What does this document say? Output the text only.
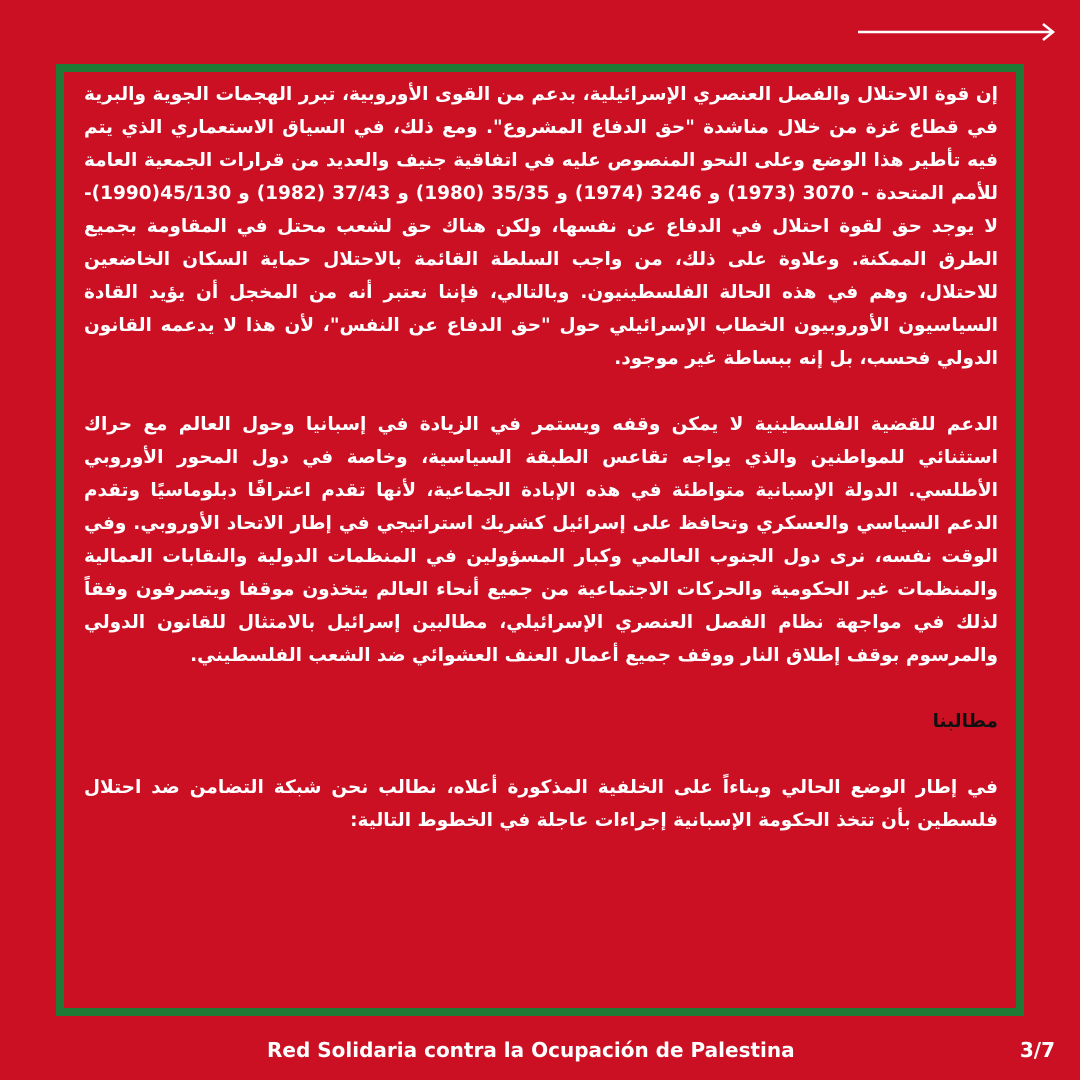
إن قوة الاحتلال والفصل العنصري الإسرائيلية، بدعم من القوى الأوروبية، تبرر الهجمات الجوية والبرية في قطاع غزة من خلال مناشدة "حق الدفاع المشروع". ومع ذلك، في السياق الاستعماري الذي يتم فيه تأطير هذا الوضع وعلى النحو المنصوص عليه في اتفاقية جنيف والعديد من قرارات الجمعية العامة للأمم المتحدة - 3070 (1973) و 3246 (1974) و 35/35 (1980) و 37/43 (1982) و 45/130(1990)- لا يوجد حق لقوة احتلال في الدفاع عن نفسها، ولكن هناك حق لشعب محتل في المقاومة بجميع الطرق الممكنة. وعلاوة على ذلك، من واجب السلطة القائمة بالاحتلال حماية السكان الخاضعين للاحتلال، وهم في هذه الحالة الفلسطينيون. وبالتالي، فإننا نعتبر أنه من المخجل أن يؤيد القادة السياسيون الأوروبيون الخطاب الإسرائيلي حول "حق الدفاع عن النفس"، لأن هذا لا يدعمه القانون الدولي فحسب، بل إنه ببساطة غير موجود.

الدعم للقضية الفلسطينية لا يمكن وقفه ويستمر في الزيادة في إسبانيا وحول العالم مع حراك استثنائي للمواطنين والذي يواجه تقاعس الطبقة السياسية، وخاصة في دول المحور الأوروبي الأطلسي. الدولة الإسبانية متواطئة في هذه الإبادة الجماعية، لأنها تقدم اعترافًا دبلوماسيًا وتقدم الدعم السياسي والعسكري وتحافظ على إسرائيل كشريك استراتيجي في إطار الاتحاد الأوروبي. وفي الوقت نفسه، نرى دول الجنوب العالمي وكبار المسؤولين في المنظمات الدولية والنقابات العمالية والمنظمات غير الحكومية والحركات الاجتماعية من جميع أنحاء العالم يتخذون موقفا ويتصرفون وفقاً لذلك في مواجهة نظام الفصل العنصري الإسرائيلي، مطالبين إسرائيل بالامتثال للقانون الدولي والمرسوم بوقف إطلاق النار ووقف جميع أعمال العنف العشوائي ضد الشعب الفلسطيني.

مطالبنا

في إطار الوضع الحالي وبناءاً على الخلفية المذكورة أعلاه، نطالب نحن شبكة التضامن ضد احتلال فلسطين بأن تتخذ الحكومة الإسبانية إجراءات عاجلة في الخطوط التالية:

Red Solidaria contra la Ocupación de Palestina	3/7
